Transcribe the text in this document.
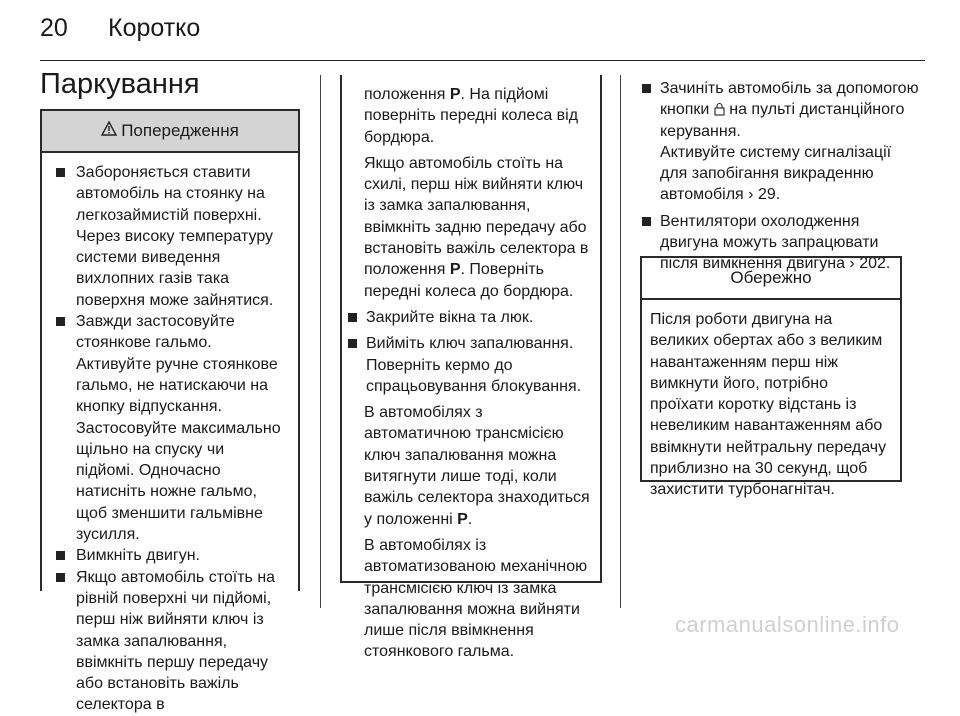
20 Коротко
Паркування
Попередження

Забороняється ставити автомобіль на стоянку на легкозаймистій поверхні. Через високу температуру системи виведення вихлопних газів така поверхня може зайнятися.

Завжди застосовуйте стоянкове гальмо. Активуйте ручне стоянкове гальмо, не натискаючи на кнопку відпускання. Застосовуйте максимально щільно на спуску чи підйомі. Одночасно натисніть ножне гальмо, щоб зменшити гальмівне зусилля.

Вимкніть двигун.

Якщо автомобіль стоїть на рівній поверхні чи підйомі, перш ніж вийняти ключ із замка запалювання, ввімкніть першу передачу або встановіть важіль селектора в

положення P. На підйомі поверніть передні колеса від бордюра.

Якщо автомобіль стоїть на схилі, перш ніж вийняти ключ із замка запалювання, ввімкніть задню передачу або встановіть важіль селектора в положення P. Поверніть передні колеса до бордюра.

Закрийте вікна та люк.

Вийміть ключ запалювання. Поверніть кермо до спрацьовування блокування.

В автомобілях з автоматичною трансмісією ключ запалювання можна витягнути лише тоді, коли важіль селектора знаходиться у положенні P.

В автомобілях із автоматизованою механічною трансмісією ключ із замка запалювання можна вийняти лише після ввімкнення стоянкового гальма.

Зачиніть автомобіль за допомогою кнопки на пульті дистанційного керування.

Активуйте систему сигналізації для запобігання викраденню автомобіля › 29.

Вентилятори охолодження двигуна можуть запрацювати після вимкнення двигуна › 202.

Обережно
Після роботи двигуна на великих обертах або з великим навантаженням перш ніж вимкнути його, потрібно проїхати коротку відстань із невеликим навантаженням або ввімкнути нейтральну передачу приблизно на 30 секунд, щоб захистити турбонагнітач.
carmanualsonline.info
